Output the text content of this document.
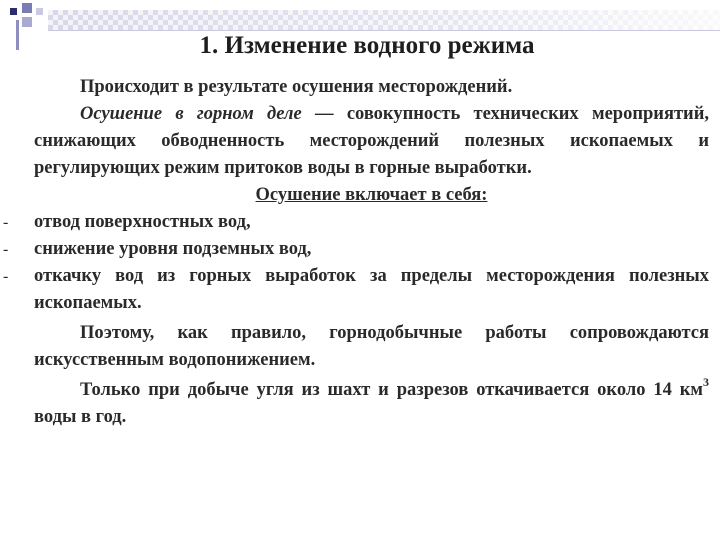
1. Изменение водного режима

Происходит в результате осушения месторождений.

Осушение в горном деле — совокупность технических мероприятий, снижающих обводненность месторождений полезных ископаемых и регулирующих режим притоков воды в горные выработки.

Осушение включает в себя:

- отвод поверхностных вод,

- снижение уровня подземных вод,

- откачку вод из горных выработок за пределы месторождения полезных ископаемых.

Поэтому, как правило, горнодобычные работы сопровождаются искусственным водопонижением.

Только при добыче угля из шахт и разрезов откачивается около 14 $км^3$ воды в год.
